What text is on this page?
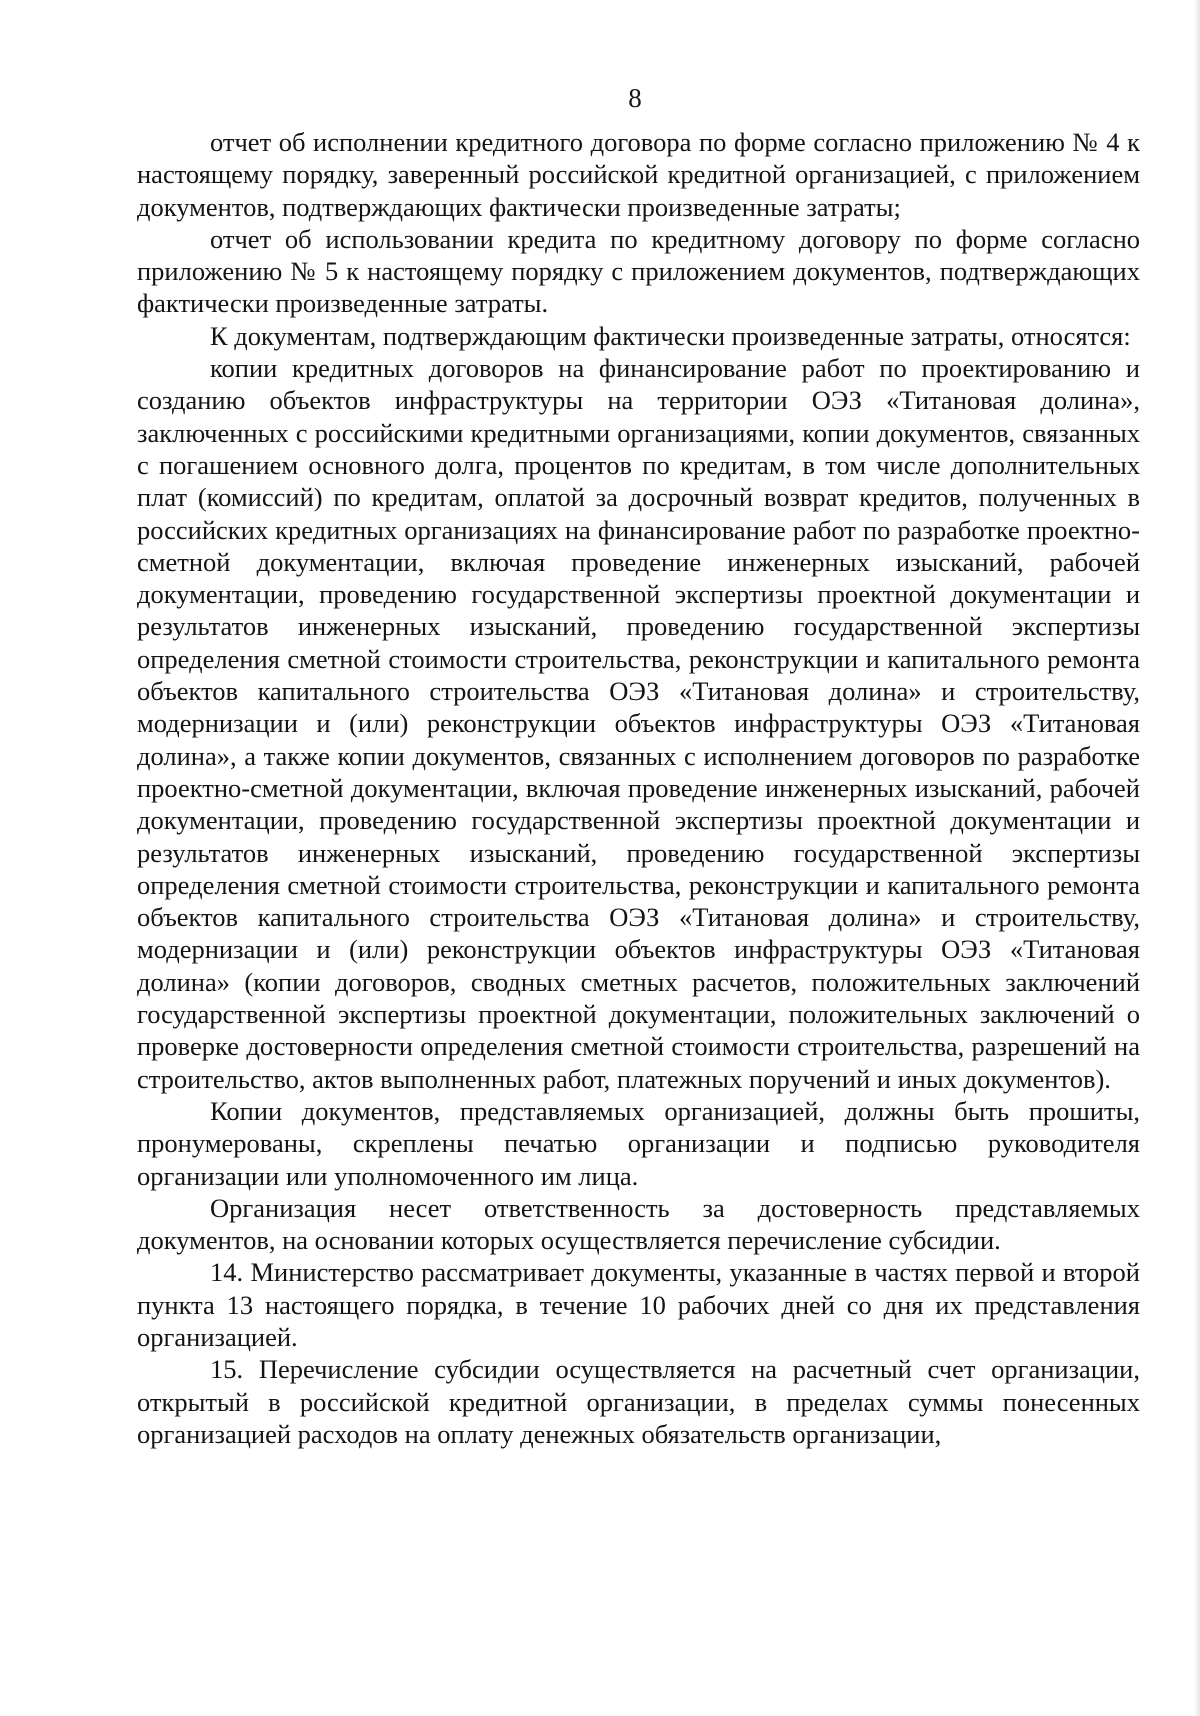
8

отчет об исполнении кредитного договора по форме согласно приложению № 4 к настоящему порядку, заверенный российской кредитной организацией, с приложением документов, подтверждающих фактически произведенные затраты;

отчет об использовании кредита по кредитному договору по форме согласно приложению № 5 к настоящему порядку с приложением документов, подтверждающих фактически произведенные затраты.

К документам, подтверждающим фактически произведенные затраты, относятся:

копии кредитных договоров на финансирование работ по проектированию и созданию объектов инфраструктуры на территории ОЭЗ «Титановая долина», заключенных с российскими кредитными организациями, копии документов, связанных с погашением основного долга, процентов по кредитам, в том числе дополнительных плат (комиссий) по кредитам, оплатой за досрочный возврат кредитов, полученных в российских кредитных организациях на финансирование работ по разработке проектно-сметной документации, включая проведение инженерных изысканий, рабочей документации, проведению государственной экспертизы проектной документации и результатов инженерных изысканий, проведению государственной экспертизы определения сметной стоимости строительства, реконструкции и капитального ремонта объектов капитального строительства ОЭЗ «Титановая долина» и строительству, модернизации и (или) реконструкции объектов инфраструктуры ОЭЗ «Титановая долина», а также копии документов, связанных с исполнением договоров по разработке проектно-сметной документации, включая проведение инженерных изысканий, рабочей документации, проведению государственной экспертизы проектной документации и результатов инженерных изысканий, проведению государственной экспертизы определения сметной стоимости строительства, реконструкции и капитального ремонта объектов капитального строительства ОЭЗ «Титановая долина» и строительству, модернизации и (или) реконструкции объектов инфраструктуры ОЭЗ «Титановая долина» (копии договоров, сводных сметных расчетов, положительных заключений государственной экспертизы проектной документации, положительных заключений о проверке достоверности определения сметной стоимости строительства, разрешений на строительство, актов выполненных работ, платежных поручений и иных документов).

Копии документов, представляемых организацией, должны быть прошиты, пронумерованы, скреплены печатью организации и подписью руководителя организации или уполномоченного им лица.

Организация несет ответственность за достоверность представляемых документов, на основании которых осуществляется перечисление субсидии.

14. Министерство рассматривает документы, указанные в частях первой и второй пункта 13 настоящего порядка, в течение 10 рабочих дней со дня их представления организацией.

15. Перечисление субсидии осуществляется на расчетный счет организации, открытый в российской кредитной организации, в пределах суммы понесенных организацией расходов на оплату денежных обязательств организации,
